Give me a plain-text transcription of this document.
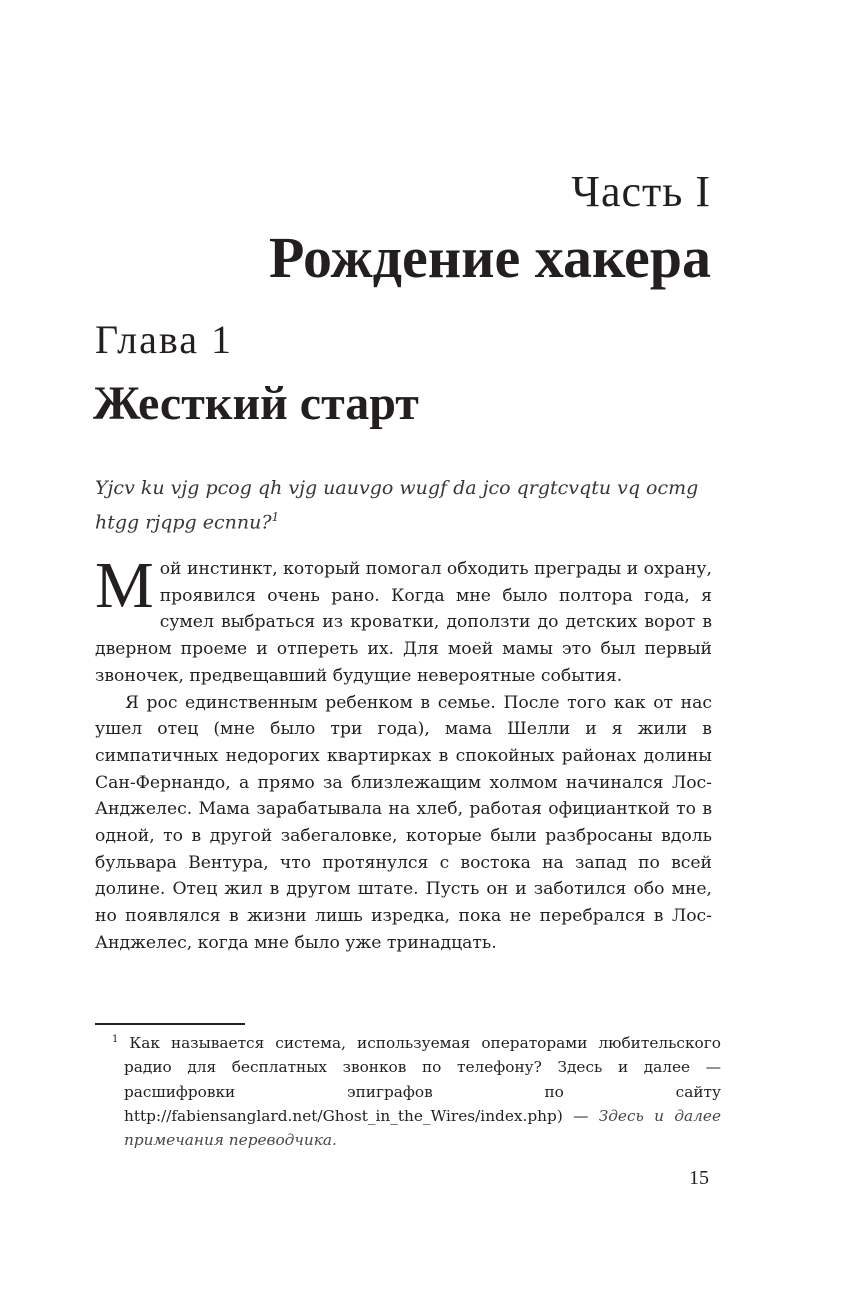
Часть I
Рождение хакера
Глава 1
Жесткий старт

Yjcv ku vjg pcog qh vjg uauvgo wugf da jco qrgtcvqtu vq ocmg htgg rjqpg ecnnu?$^1$

Мой инстинкт, который помогал обходить преграды и охрану, проявился очень рано. Когда мне было полтора года, я сумел выбраться из кроватки, доползти до детских ворот в дверном проеме и отпереть их. Для моей мамы это был первый звоночек, предвещавший будущие невероятные события.

Я рос единственным ребенком в семье. После того как от нас ушел отец (мне было три года), мама Шелли и я жили в симпатичных недорогих квартирках в спокойных районах долины Сан-Фернандо, а прямо за близлежащим холмом начинался Лос-Анджелес. Мама зарабатывала на хлеб, работая официанткой то в одной, то в другой забегаловке, которые были разбросаны вдоль бульвара Вентура, что протянулся с востока на запад по всей долине. Отец жил в другом штате. Пусть он и заботился обо мне, но появлялся в жизни лишь изредка, пока не перебрался в Лос-Анджелес, когда мне было уже тринадцать.

$^1$ Как называется система, используемая операторами любительского радио для бесплатных звонков по телефону? Здесь и далее — расшифровки эпиграфов по сайту http://fabiensanglard.net/Ghost_in_the_Wires/index.php) — Здесь и далее примечания переводчика.

15
